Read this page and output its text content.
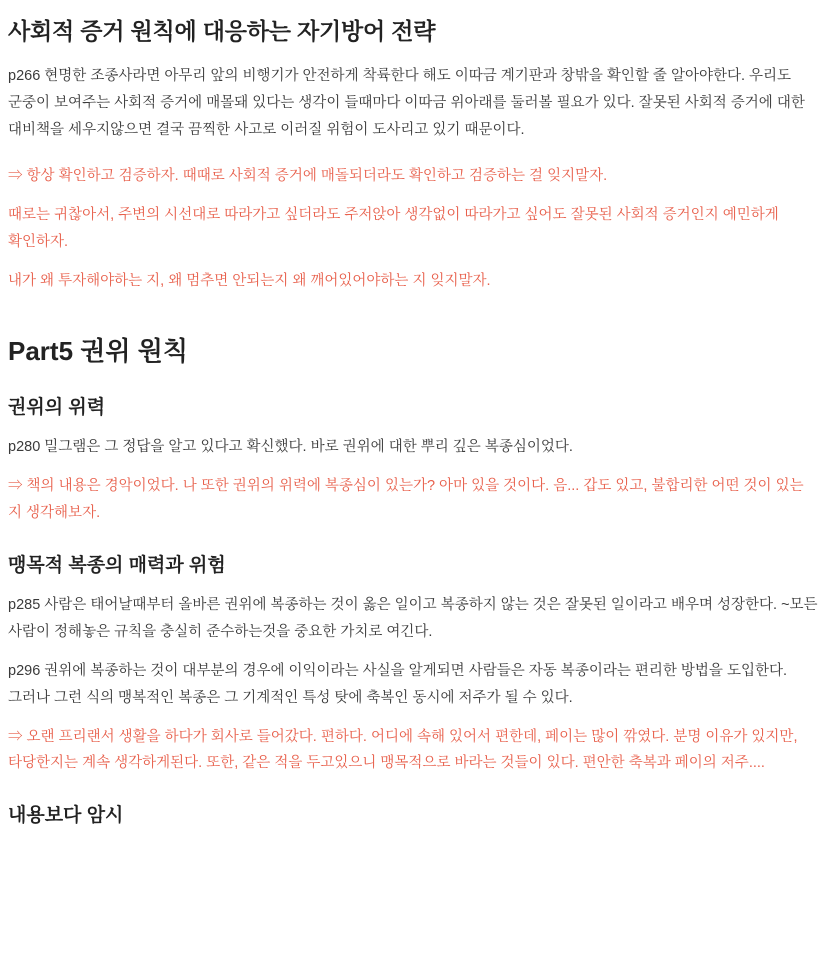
사회적 증거 원칙에 대응하는 자기방어 전략

p266 현명한 조종사라면 아무리 앞의 비행기가 안전하게 착륙한다 해도 이따금 계기판과 창밖을 확인할 줄 알아야한다. 우리도 군중이 보여주는 사회적 증거에 매몰돼 있다는 생각이 들때마다 이따금 위아래를 둘러볼 필요가 있다. 잘못된 사회적 증거에 대한 대비책을 세우지않으면 결국 끔찍한 사고로 이러질 위험이 도사리고 있기 때문이다.

⇒ 항상 확인하고 검증하자. 때때로 사회적 증거에 매돌되더라도 확인하고 검증하는 걸 잊지말자.

때로는 귀찮아서, 주변의 시선대로 따라가고 싶더라도 주저앉아 생각없이 따라가고 싶어도 잘못된 사회적 증거인지 예민하게 확인하자.

내가 왜 투자해야하는 지, 왜 멈추면 안되는지 왜 깨어있어야하는 지 잊지말자.

Part5 권위 원칙
권위의 위력

p280 밀그램은 그 정답을 알고 있다고 확신했다. 바로 권위에 대한 뿌리 깊은 복종심이었다.

⇒ 책의 내용은 경악이었다. 나 또한 권위의 위력에 복종심이 있는가? 아마 있을 것이다. 음... 갑도 있고, 불합리한 어떤 것이 있는 지 생각해보자.

맹목적 복종의 매력과 위험

p285 사람은 태어날때부터 올바른 권위에 복종하는 것이 옳은 일이고 복종하지 않는 것은 잘못된 일이라고 배우며 성장한다. ~모든 사람이 정해놓은 규칙을 충실히 준수하는것을 중요한 가치로 여긴다.

p296 권위에 복종하는 것이 대부분의 경우에 이익이라는 사실을 알게되면 사람들은 자동 복종이라는 편리한 방법을 도입한다. 그러나 그런 식의 맹복적인 복종은 그 기계적인 특성 탓에 축복인 동시에 저주가 될 수 있다.

⇒ 오랜 프리랜서 생활을 하다가 회사로 들어갔다. 편하다. 어디에 속해 있어서 편한데, 페이는 많이 깎였다. 분명 이유가 있지만, 타당한지는 계속 생각하게된다. 또한, 같은 적을 두고있으니 맹목적으로 바라는 것들이 있다. 편안한 축복과 페이의 저주....

내용보다 암시
